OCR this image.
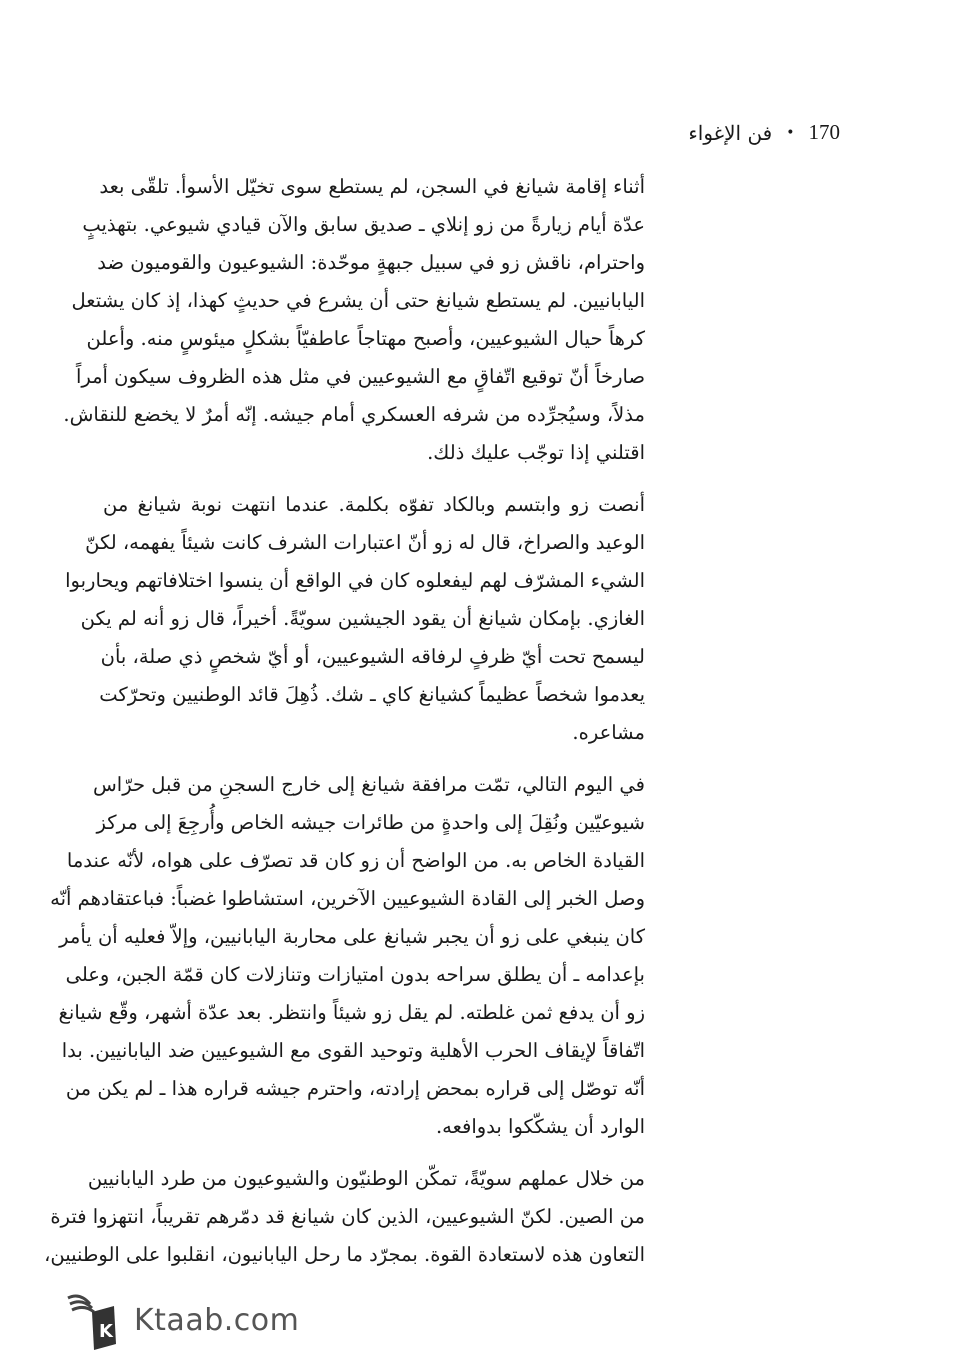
170
•
فن الإغواء

أثناء إقامة شيانغ في السجن، لم يستطع سوى تخيّل الأسوأ. تلقّى بعد
عدّة أيام زيارةً من زو إنلاي ـ صديق سابق والآن قيادي شيوعي. بتهذيبٍ
واحترام، ناقش زو في سبيل جبهةٍ موحّدة: الشيوعيون والقوميون ضد
اليابانيين. لم يستطع شيانغ حتى أن يشرع في حديثٍ كهذا، إذ كان يشتعل
كرهاً حيال الشيوعيين، وأصبح مهتاجاً عاطفيّاً بشكلٍ ميئوسٍ منه. وأعلن
صارخاً أنّ توقيع اتّفاقٍ مع الشيوعيين في مثل هذه الظروف سيكون أمراً
مذلاً، وسيُجرِّده من شرفه العسكري أمام جيشه. إنّه أمرٌ لا يخضع للنقاش.
اقتلني إذا توجّب عليك ذلك.

أنصت زو وابتسم وبالكاد تفوّه بكلمة. عندما انتهت نوبة شيانغ من
الوعيد والصراخ، قال له زو أنّ اعتبارات الشرف كانت شيئاً يفهمه، لكنّ
الشيء المشرّف لهم ليفعلوه كان في الواقع أن ينسوا اختلافاتهم ويحاربوا
الغازي. بإمكان شيانغ أن يقود الجيشين سويّةً. أخيراً، قال زو أنه لم يكن
ليسمح تحت أيّ ظرفٍ لرفاقه الشيوعيين، أو أيّ شخصٍ ذي صلة، بأن
يعدموا شخصاً عظيماً كشيانغ كاي ـ شك. ذُهِلَ قائد الوطنيين وتحرّكت
مشاعره.

في اليوم التالي، تمّت مرافقة شيانغ إلى خارج السجنِ من قبل حرّاس
شيوعيّين ونُقِلَ إلى واحدةٍ من طائرات جيشه الخاص وأُرجِعَ إلى مركز
القيادة الخاص به. من الواضح أن زو كان قد تصرّف على هواه، لأنّه عندما
وصل الخبر إلى القادة الشيوعيين الآخرين، استشاطوا غضباً: فباعتقادهم أنّه
كان ينبغي على زو أن يجبر شيانغ على محاربة اليابانيين، وإلاّ فعليه أن يأمر
بإعدامه ـ أن يطلق سراحه بدون امتيازات وتنازلات كان قمّة الجبن، وعلى
زو أن يدفع ثمن غلطته. لم يقل زو شيئاً وانتظر. بعد عدّة أشهر، وقّع شيانغ
اتّفاقاً لإيقاف الحرب الأهلية وتوحيد القوى مع الشيوعيين ضد اليابانيين. بدا
أنّه توصّل إلى قراره بمحض إرادته، واحترم جيشه قراره هذا ـ لم يكن من
الوارد أن يشكّكوا بدوافعه.

من خلال عملهم سويّةً، تمكّن الوطنيّون والشيوعيون من طرد اليابانيين
من الصين. لكنّ الشيوعيين، الذين كان شيانغ قد دمّرهم تقريباً، انتهزوا فترة
التعاون هذه لاستعادة القوة. بمجرّد ما رحل اليابانيون، انقلبوا على الوطنيين،

K Ktaab.com
